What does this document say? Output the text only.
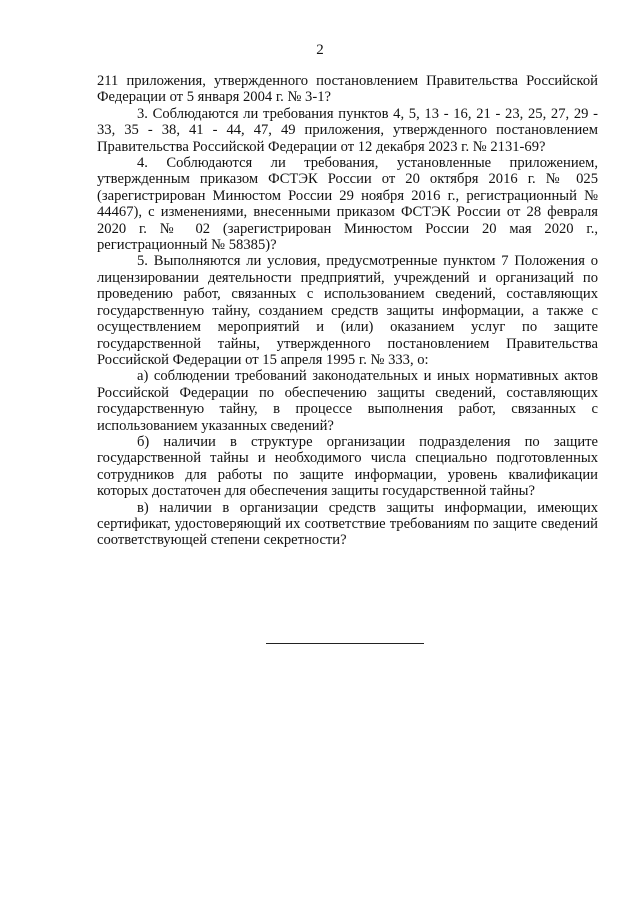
2

211 приложения, утвержденного постановлением Правительства Российской Федерации от 5 января 2004 г. № 3-1?

3. Соблюдаются ли требования пунктов 4, 5, 13 - 16, 21 - 23, 25, 27, 29 - 33, 35 - 38, 41 - 44, 47, 49 приложения, утвержденного постановлением Правительства Российской Федерации от 12 декабря 2023 г. № 2131-69?

4. Соблюдаются ли требования, установленные приложением, утвержденным приказом ФСТЭК России от 20 октября 2016 г. № 025 (зарегистрирован Минюстом России 29 ноября 2016 г., регистрационный № 44467), с изменениями, внесенными приказом ФСТЭК России от 28 февраля 2020 г. № 02 (зарегистрирован Минюстом России 20 мая 2020 г., регистрационный № 58385)?

5. Выполняются ли условия, предусмотренные пунктом 7 Положения о лицензировании деятельности предприятий, учреждений и организаций по проведению работ, связанных с использованием сведений, составляющих государственную тайну, созданием средств защиты информации, а также с осуществлением мероприятий и (или) оказанием услуг по защите государственной тайны, утвержденного постановлением Правительства Российской Федерации от 15 апреля 1995 г. № 333, о:

а) соблюдении требований законодательных и иных нормативных актов Российской Федерации по обеспечению защиты сведений, составляющих государственную тайну, в процессе выполнения работ, связанных с использованием указанных сведений?

б) наличии в структуре организации подразделения по защите государственной тайны и необходимого числа специально подготовленных сотрудников для работы по защите информации, уровень квалификации которых достаточен для обеспечения защиты государственной тайны?

в) наличии в организации средств защиты информации, имеющих сертификат, удостоверяющий их соответствие требованиям по защите сведений соответствующей степени секретности?
